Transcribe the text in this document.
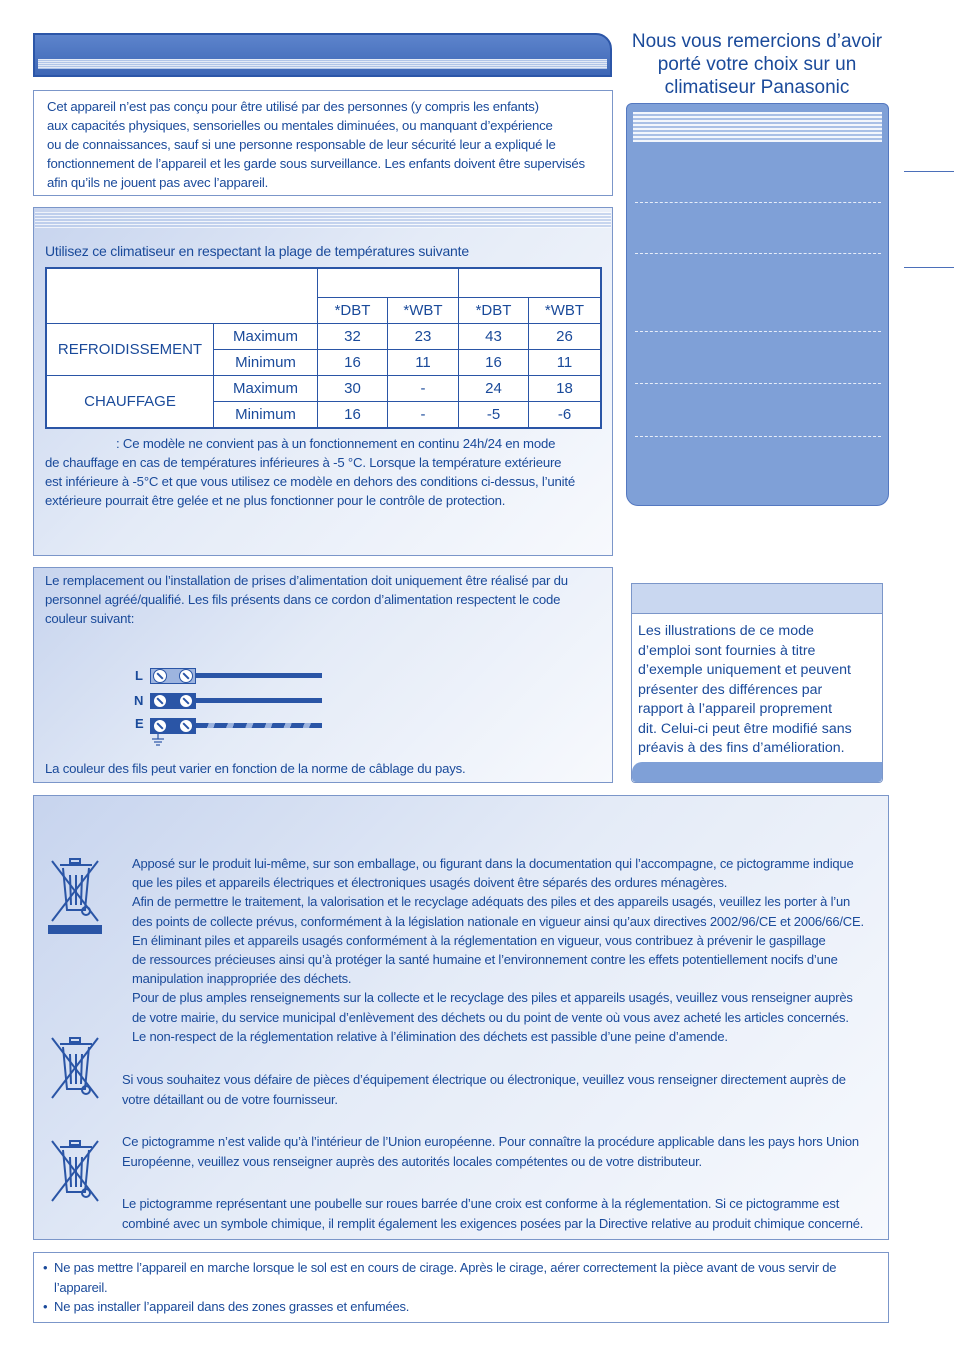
Cet appareil n’est pas conçu pour être utilisé par des personnes (y compris les enfants)
aux capacités physiques, sensorielles ou mentales diminuées, ou manquant d’expérience
ou de connaissances, sauf si une personne responsable de leur sécurité leur a expliqué le
fonctionnement de l’appareil et les garde sous surveillance. Les enfants doivent être supervisés
afin qu’ils ne jouent pas avec l’appareil.
Utilisez ce climatiseur en respectant la plage de températures suivante
*DBT	*WBT	*DBT	*WBT
REFROIDISSEMENT
Maximum	32	23	43	26
Minimum	16	11	16	11
CHAUFFAGE
Maximum	30	-	24	18
Minimum	16	-	-5	-6
: Ce modèle ne convient pas à un fonctionnement en continu 24h/24 en mode
de chauffage en cas de températures inférieures à -5 °C. Lorsque la température extérieure
est inférieure à -5°C et que vous utilisez ce modèle en dehors des conditions ci-dessus, l’unité
extérieure pourrait être gelée et ne plus fonctionner pour le contrôle de protection.
Le remplacement ou l’installation de prises d’alimentation doit uniquement être réalisé par du
personnel agréé/qualifié. Les fils présents dans ce cordon d’alimentation respectent le code
couleur suivant:
L
N
E
La couleur des fils peut varier en fonction de la norme de câblage du pays.
Nous vous remercions d’avoir
porté votre choix sur un
climatiseur Panasonic
Les illustrations de ce mode
d’emploi sont fournies à titre
d’exemple uniquement et peuvent
présenter des différences par
rapport à l’appareil proprement
dit. Celui-ci peut être modifié sans
préavis à des fins d’amélioration.
Apposé sur le produit lui-même, sur son emballage, ou figurant dans la documentation qui l’accompagne, ce pictogramme indique
que les piles et appareils électriques et électroniques usagés doivent être séparés des ordures ménagères.
Afin de permettre le traitement, la valorisation et le recyclage adéquats des piles et des appareils usagés, veuillez les porter à l’un
des points de collecte prévus, conformément à la législation nationale en vigueur ainsi qu’aux directives 2002/96/CE et 2006/66/CE.
En éliminant piles et appareils usagés conformément à la réglementation en vigueur, vous contribuez à prévenir le gaspillage
de ressources précieuses ainsi qu’à protéger la santé humaine et l’environnement contre les effets potentiellement nocifs d’une
manipulation inappropriée des déchets.
Pour de plus amples renseignements sur la collecte et le recyclage des piles et appareils usagés, veuillez vous renseigner auprès
de votre mairie, du service municipal d’enlèvement des déchets ou du point de vente où vous avez acheté les articles concernés.
Le non-respect de la réglementation relative à l’élimination des déchets est passible d’une peine d’amende.
Si vous souhaitez vous défaire de pièces d’équipement électrique ou électronique, veuillez vous renseigner directement auprès de
votre détaillant ou de votre fournisseur.
Ce pictogramme n’est valide qu’à l’intérieur de l’Union européenne. Pour connaître la procédure applicable dans les pays hors Union
Européenne, veuillez vous renseigner auprès des autorités locales compétentes ou de votre distributeur.
Le pictogramme représentant une poubelle sur roues barrée d’une croix est conforme à la réglementation. Si ce pictogramme est
combiné avec un symbole chimique, il remplit également les exigences posées par la Directive relative au produit chimique concerné.
• Ne pas mettre l’appareil en marche lorsque le sol est en cours de cirage. Après le cirage, aérer correctement la pièce avant de vous servir de
l’appareil.
• Ne pas installer l’appareil dans des zones grasses et enfumées.
